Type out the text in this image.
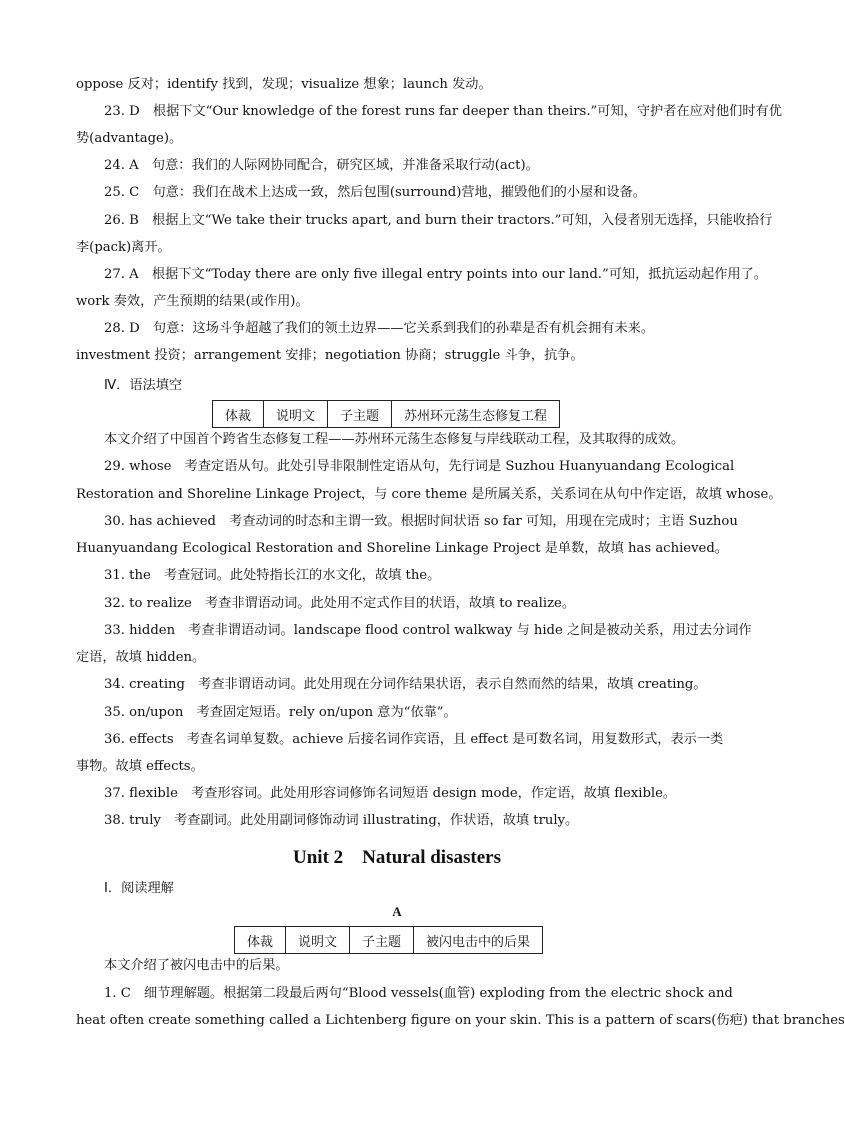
oppose 反对；identify 找到，发现；visualize 想象；launch 发动。
23. D　根据下文“Our knowledge of the forest runs far deeper than theirs.”可知，守护者在应对他们时有优
势(advantage)。
24. A　句意：我们的人际网协同配合，研究区域，并准备采取行动(act)。
25. C　句意：我们在战术上达成一致，然后包围(surround)营地，摧毁他们的小屋和设备。
26. B　根据上文“We take their trucks apart, and burn their tractors.”可知，入侵者别无选择，只能收拾行
李(pack)离开。
27. A　根据下文“Today there are only five illegal entry points into our land.”可知，抵抗运动起作用了。
work 奏效，产生预期的结果(或作用)。
28. D　句意：这场斗争超越了我们的领土边界——它关系到我们的孙辈是否有机会拥有未来。
investment 投资；arrangement 安排；negotiation 协商；struggle 斗争，抗争。
Ⅳ．语法填空
体裁	说明文	子主题	苏州环元荡生态修复工程
本文介绍了中国首个跨省生态修复工程——苏州环元荡生态修复与岸线联动工程，及其取得的成效。
29. whose　考查定语从句。此处引导非限制性定语从句，先行词是 Suzhou Huanyuandang Ecological
Restoration and Shoreline Linkage Project，与 core theme 是所属关系，关系词在从句中作定语，故填 whose。
30. has achieved　考查动词的时态和主谓一致。根据时间状语 so far 可知，用现在完成时；主语 Suzhou
Huanyuandang Ecological Restoration and Shoreline Linkage Project 是单数，故填 has achieved。
31. the　考查冠词。此处特指长江的水文化，故填 the。
32. to realize　考查非谓语动词。此处用不定式作目的状语，故填 to realize。
33. hidden　考查非谓语动词。landscape flood control walkway 与 hide 之间是被动关系，用过去分词作
定语，故填 hidden。
34. creating　考查非谓语动词。此处用现在分词作结果状语，表示自然而然的结果，故填 creating。
35. on/upon　考查固定短语。rely on/upon 意为“依靠”。
36. effects　考查名词单复数。achieve 后接名词作宾语，且 effect 是可数名词，用复数形式，表示一类
事物。故填 effects。
37. flexible　考查形容词。此处用形容词修饰名词短语 design mode，作定语，故填 flexible。
38. truly　考查副词。此处用副词修饰动词 illustrating，作状语，故填 truly。
Unit 2　Natural disasters
Ⅰ．阅读理解
A
体裁	说明文	子主题	被闪电击中的后果
本文介绍了被闪电击中的后果。
1. C　细节理解题。根据第二段最后两句“Blood vessels(血管) exploding from the electric shock and
heat often create something called a Lichtenberg figure on your skin. This is a pattern of scars(伤疤) that branches
